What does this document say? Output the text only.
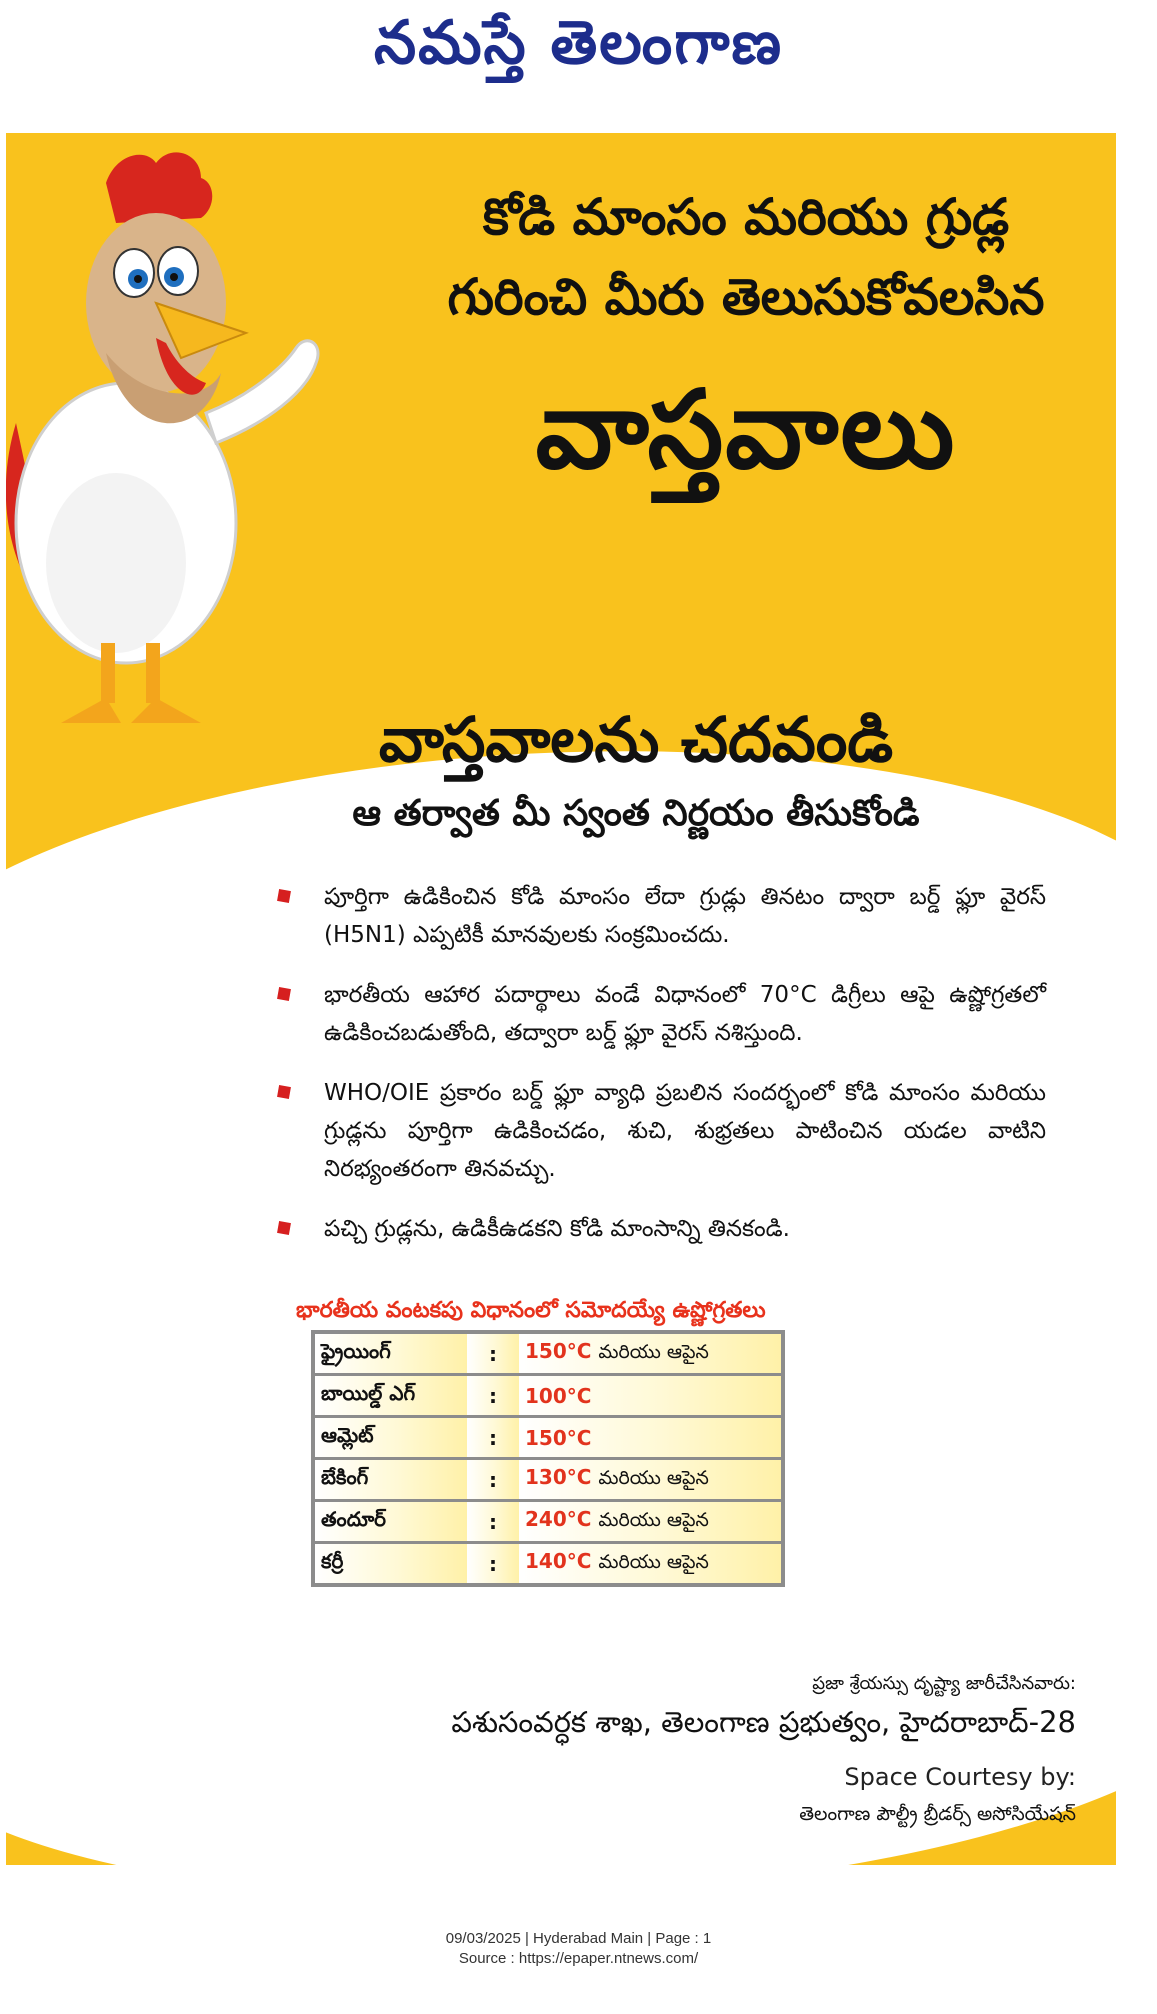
నమస్తే తెలంగాణ
కోడి మాంసం మరియు గ్రుడ్ల
గురించి మీరు తెలుసుకోవలసిన
వాస్తవాలు
వాస్తవాలను చదవండి
ఆ తర్వాత మీ స్వంత నిర్ణయం తీసుకోండి
పూర్తిగా ఉడికించిన కోడి మాంసం లేదా గ్రుడ్లు తినటం ద్వారా బర్డ్ ఫ్లూ వైరస్ (H5N1) ఎప్పటికీ మానవులకు సంక్రమించదు.
భారతీయ ఆహార పదార్థాలు వండే విధానంలో 70°C డిగ్రీలు ఆపై ఉష్ణోగ్రతలో ఉడికించబడుతోంది, తద్వారా బర్డ్ ఫ్లూ వైరస్ నశిస్తుంది.
WHO/OIE ప్రకారం బర్డ్ ఫ్లూ వ్యాధి ప్రబలిన సందర్భంలో కోడి మాంసం మరియు గ్రుడ్లను పూర్తిగా ఉడికించడం, శుచి, శుభ్రతలు పాటించిన యడల వాటిని నిరభ్యంతరంగా తినవచ్చు.
పచ్చి గ్రుడ్లను, ఉడికీఉడకని కోడి మాంసాన్ని తినకండి.
భారతీయ వంటకపు విధానంలో సమోదయ్యే ఉష్ణోగ్రతలు
ఫ్రైయింగ్	:	150°C మరియు ఆపైన
బాయిల్డ్ ఎగ్	:	100°C
ఆమ్లెట్	:	150°C
బేకింగ్	:	130°C మరియు ఆపైన
తందూర్	:	240°C మరియు ఆపైన
కర్రీ	:	140°C మరియు ఆపైన
ప్రజా శ్రేయస్సు దృష్ట్యా జారీచేసినవారు:
పశుసంవర్ధక శాఖ, తెలంగాణ ప్రభుత్వం, హైదరాబాద్-28
Space Courtesy by:
తెలంగాణ పౌల్ట్రీ బ్రీడర్స్ అసోసియేషన్
09/03/2025 | Hyderabad Main | Page : 1
Source : https://epaper.ntnews.com/
